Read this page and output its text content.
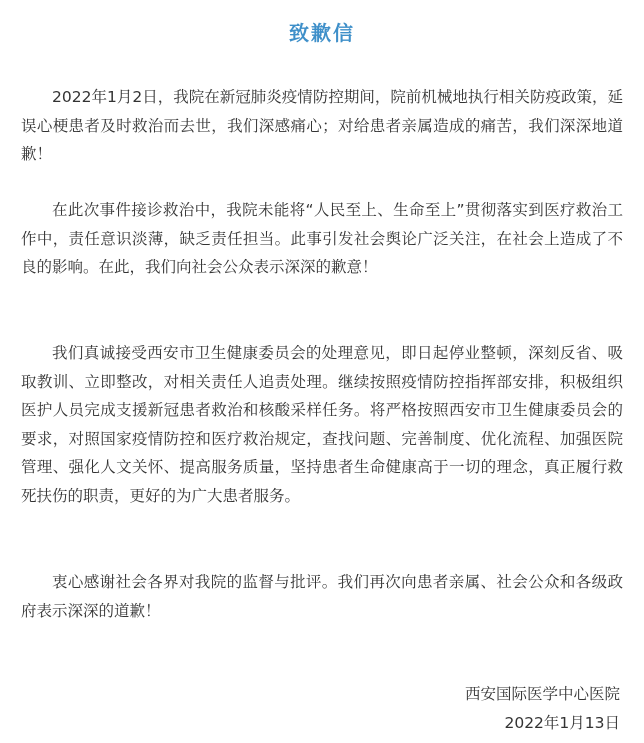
致歉信

2022年1月2日，我院在新冠肺炎疫情防控期间，院前机械地执行相关防疫政策，延误心梗患者及时救治而去世，我们深感痛心；对给患者亲属造成的痛苦，我们深深地道歉！

在此次事件接诊救治中，我院未能将“人民至上、生命至上”贯彻落实到医疗救治工作中，责任意识淡薄，缺乏责任担当。此事引发社会舆论广泛关注，在社会上造成了不良的影响。在此，我们向社会公众表示深深的歉意！

我们真诚接受西安市卫生健康委员会的处理意见，即日起停业整顿，深刻反省、吸取教训、立即整改，对相关责任人追责处理。继续按照疫情防控指挥部安排，积极组织医护人员完成支援新冠患者救治和核酸采样任务。将严格按照西安市卫生健康委员会的要求，对照国家疫情防控和医疗救治规定，查找问题、完善制度、优化流程、加强医院管理、强化人文关怀、提高服务质量，坚持患者生命健康高于一切的理念，真正履行救死扶伤的职责，更好的为广大患者服务。

衷心感谢社会各界对我院的监督与批评。我们再次向患者亲属、社会公众和各级政府表示深深的道歉！

西安国际医学中心医院
2022年1月13日
